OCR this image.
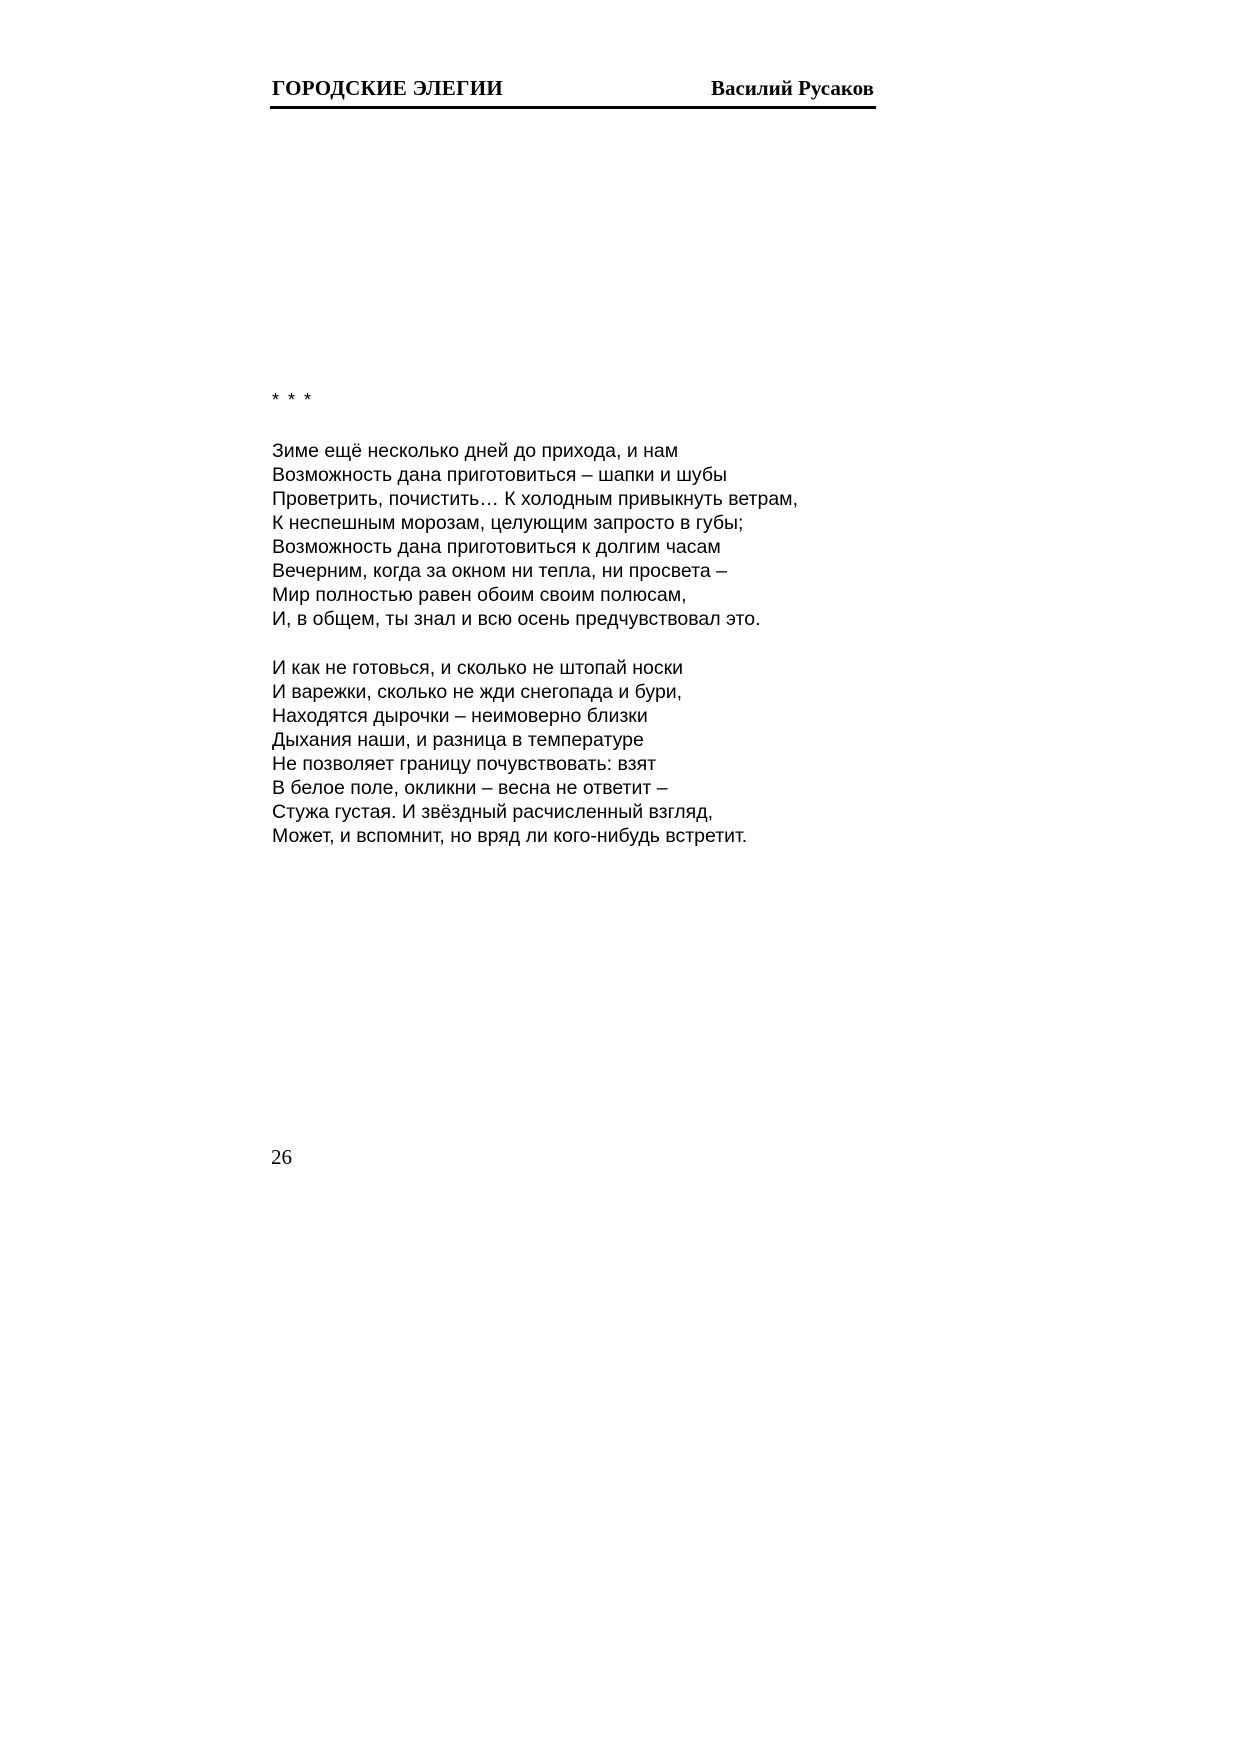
ГОРОДСКИЕ ЭЛЕГИИ	Василий Русаков
* * *
Зиме ещё несколько дней до прихода, и нам
Возможность дана приготовиться – шапки и шубы
Проветрить, почистить… К холодным привыкнуть ветрам,
К неспешным морозам, целующим запросто в губы;
Возможность дана приготовиться к долгим часам
Вечерним, когда за окном ни тепла, ни просвета –
Мир полностью равен обоим своим полюсам,
И, в общем, ты знал и всю осень предчувствовал это.
И как не готовься, и сколько не штопай носки
И варежки, сколько не жди снегопада и бури,
Находятся дырочки – неимоверно близки
Дыхания наши, и разница в температуре
Не позволяет границу почувствовать: взят
В белое поле, окликни – весна не ответит –
Стужа густая. И звёздный расчисленный взгляд,
Может, и вспомнит, но вряд ли кого-нибудь встретит.
26
